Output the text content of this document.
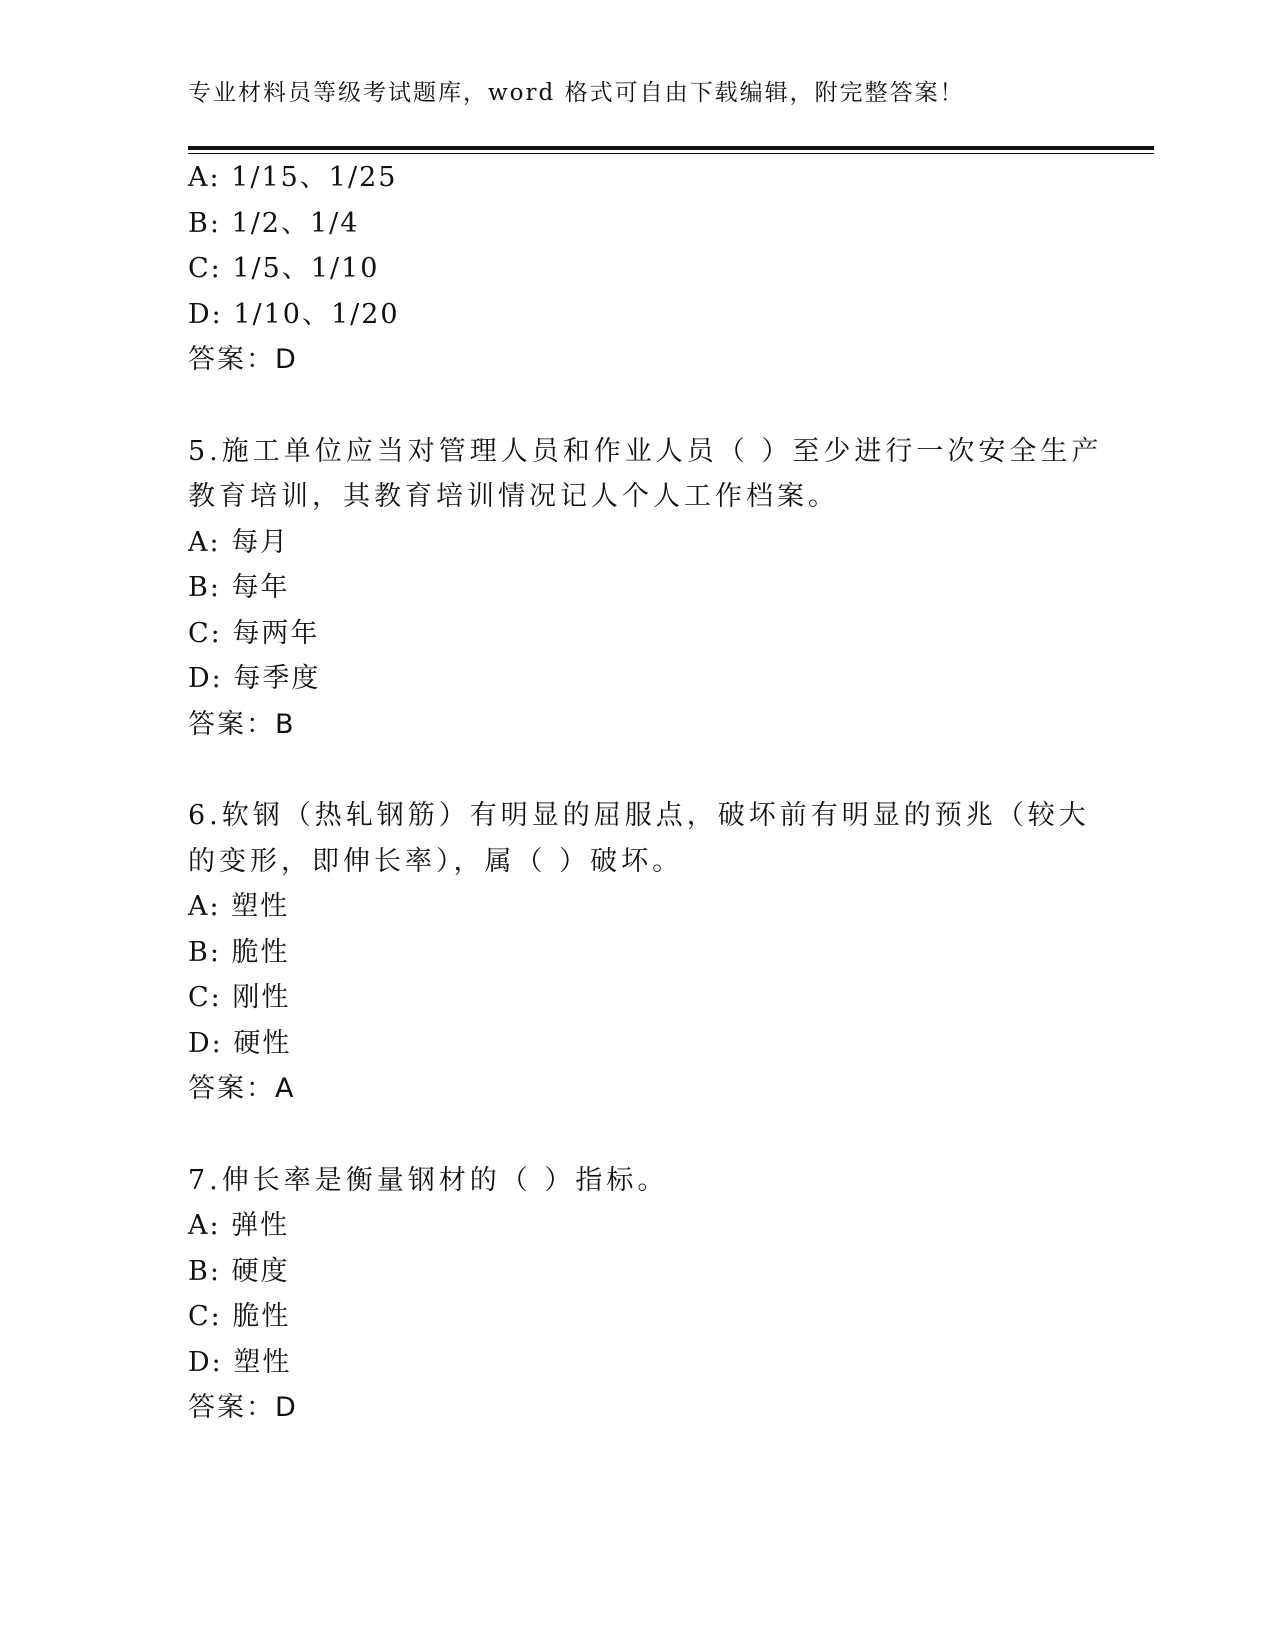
专业材料员等级考试题库，word 格式可自由下载编辑，附完整答案！
A: 1/15、1/25
B: 1/2、1/4
C: 1/5、1/10
D: 1/10、1/20
答案：D
5.施工单位应当对管理人员和作业人员（ ）至少进行一次安全生产教育培训，其教育培训情况记人个人工作档案。
A: 每月
B: 每年
C: 每两年
D: 每季度
答案：B
6.软钢（热轧钢筋）有明显的屈服点，破坏前有明显的预兆（较大的变形，即伸长率），属（ ）破坏。
A: 塑性
B: 脆性
C: 刚性
D: 硬性
答案：A
7.伸长率是衡量钢材的（ ）指标。
A: 弹性
B: 硬度
C: 脆性
D: 塑性
答案：D
